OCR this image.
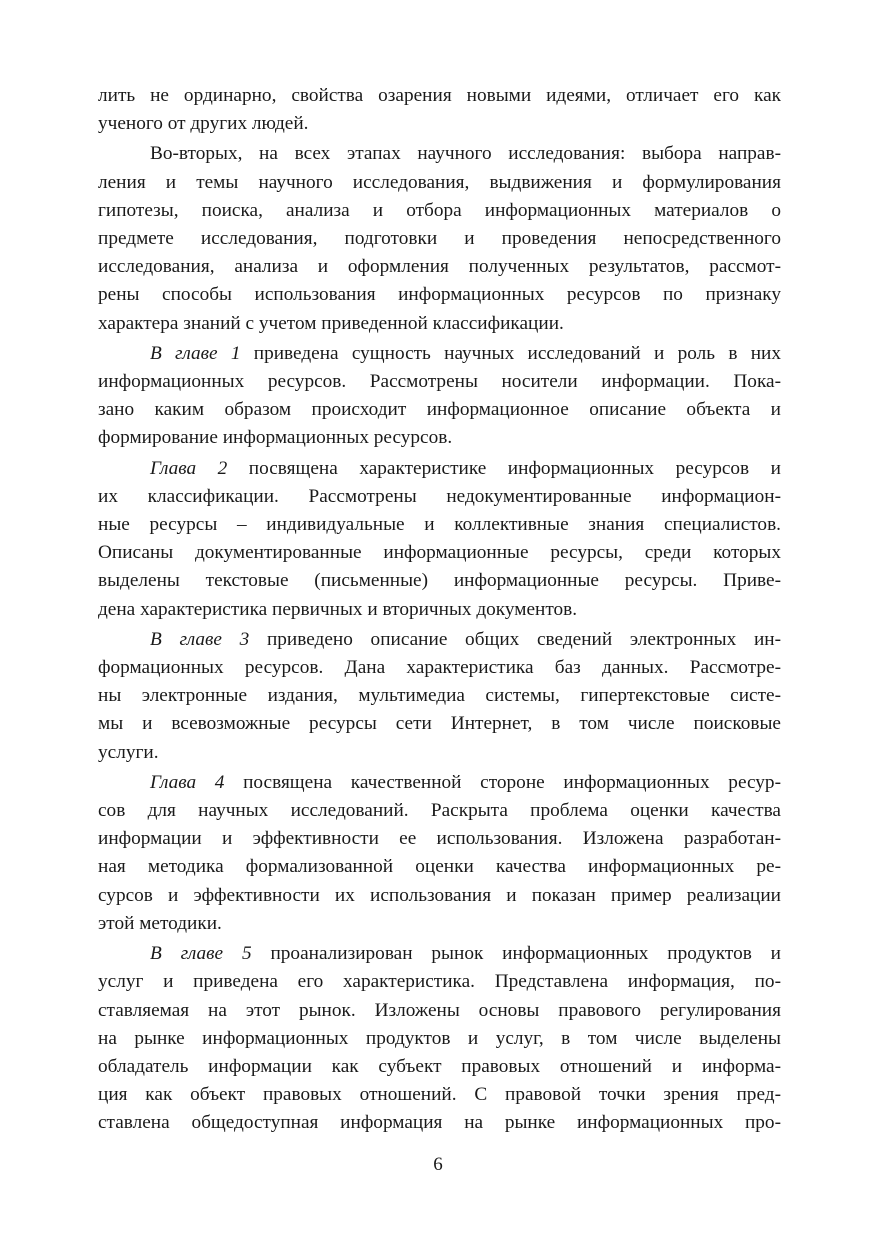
лить не ординарно, свойства озарения новыми идеями, отличает его как
ученого от других людей.
Во-вторых, на всех этапах научного исследования: выбора направ-
ления и темы научного исследования, выдвижения и формулирования
гипотезы, поиска, анализа и отбора информационных материалов о
предмете исследования, подготовки и проведения непосредственного
исследования, анализа и оформления полученных результатов, рассмот-
рены способы использования информационных ресурсов по признаку
характера знаний с учетом приведенной классификации.
В главе 1 приведена сущность научных исследований и роль в них
информационных ресурсов. Рассмотрены носители информации. Пока-
зано каким образом происходит информационное описание объекта и
формирование информационных ресурсов.
Глава 2 посвящена характеристике информационных ресурсов и
их классификации. Рассмотрены недокументированные информацион-
ные ресурсы – индивидуальные и коллективные знания специалистов.
Описаны документированные информационные ресурсы, среди которых
выделены текстовые (письменные) информационные ресурсы. Приве-
дена характеристика первичных и вторичных документов.
В главе 3 приведено описание общих сведений электронных ин-
формационных ресурсов. Дана характеристика баз данных. Рассмотре-
ны электронные издания, мультимедиа системы, гипертекстовые систе-
мы и всевозможные ресурсы сети Интернет, в том числе поисковые
услуги.
Глава 4 посвящена качественной стороне информационных ресур-
сов для научных исследований. Раскрыта проблема оценки качества
информации и эффективности ее использования. Изложена разработан-
ная методика формализованной оценки качества информационных ре-
сурсов и эффективности их использования и показан пример реализации
этой методики.
В главе 5 проанализирован рынок информационных продуктов и
услуг и приведена его характеристика. Представлена информация, по-
ставляемая на этот рынок. Изложены основы правового регулирования
на рынке информационных продуктов и услуг, в том числе выделены
обладатель информации как субъект правовых отношений и информа-
ция как объект правовых отношений. С правовой точки зрения пред-
ставлена общедоступная информация на рынке информационных про-
6
